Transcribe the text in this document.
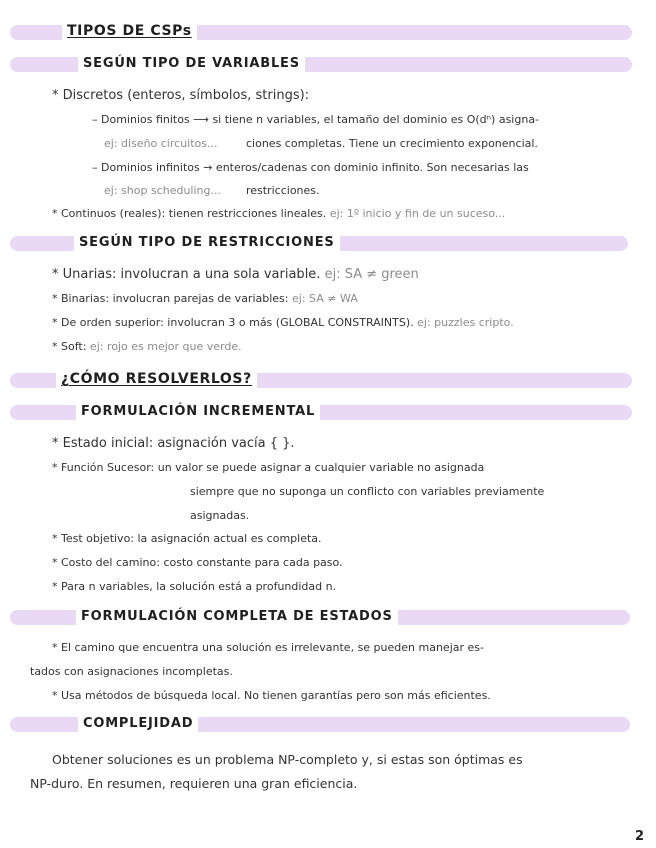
TIPOS DE CSPs
SEGÚN TIPO DE VARIABLES
* Discretos (enteros, símbolos, strings):
– Dominios finitos ⟶ si tiene n variables, el tamaño del dominio es O(dⁿ) asigna-
ej: diseño circuitos...	ciones completas. Tiene un crecimiento exponencial.
– Dominios infinitos → enteros/cadenas con dominio infinito. Son necesarias las
ej: shop scheduling... restricciones.
* Continuos (reales): tienen restricciones lineales. ej: 1º inicio y fin de un suceso...
SEGÚN TIPO DE RESTRICCIONES
* Unarias: involucran a una sola variable. ej: SA ≠ green
* Binarias: involucran parejas de variables: ej: SA ≠ WA
* De orden superior: involucran 3 o más (GLOBAL CONSTRAINTS). ej: puzzles cripto.
* Soft: ej: rojo es mejor que verde.
¿CÓMO RESOLVERLOS?
FORMULACIÓN INCREMENTAL
* Estado inicial: asignación vacía { }.
* Función Sucesor: un valor se puede asignar a cualquier variable no asignada
siempre que no suponga un conflicto con variables previamente
asignadas.
* Test objetivo: la asignación actual es completa.
* Costo del camino: costo constante para cada paso.
* Para n variables, la solución está a profundidad n.
FORMULACIÓN COMPLETA DE ESTADOS
* El camino que encuentra una solución es irrelevante, se pueden manejar es-
tados con asignaciones incompletas.
* Usa métodos de búsqueda local. No tienen garantías pero son más eficientes.
COMPLEJIDAD
Obtener soluciones es un problema NP-completo y, si estas son óptimas es
NP-duro. En resumen, requieren una gran eficiencia.
2
